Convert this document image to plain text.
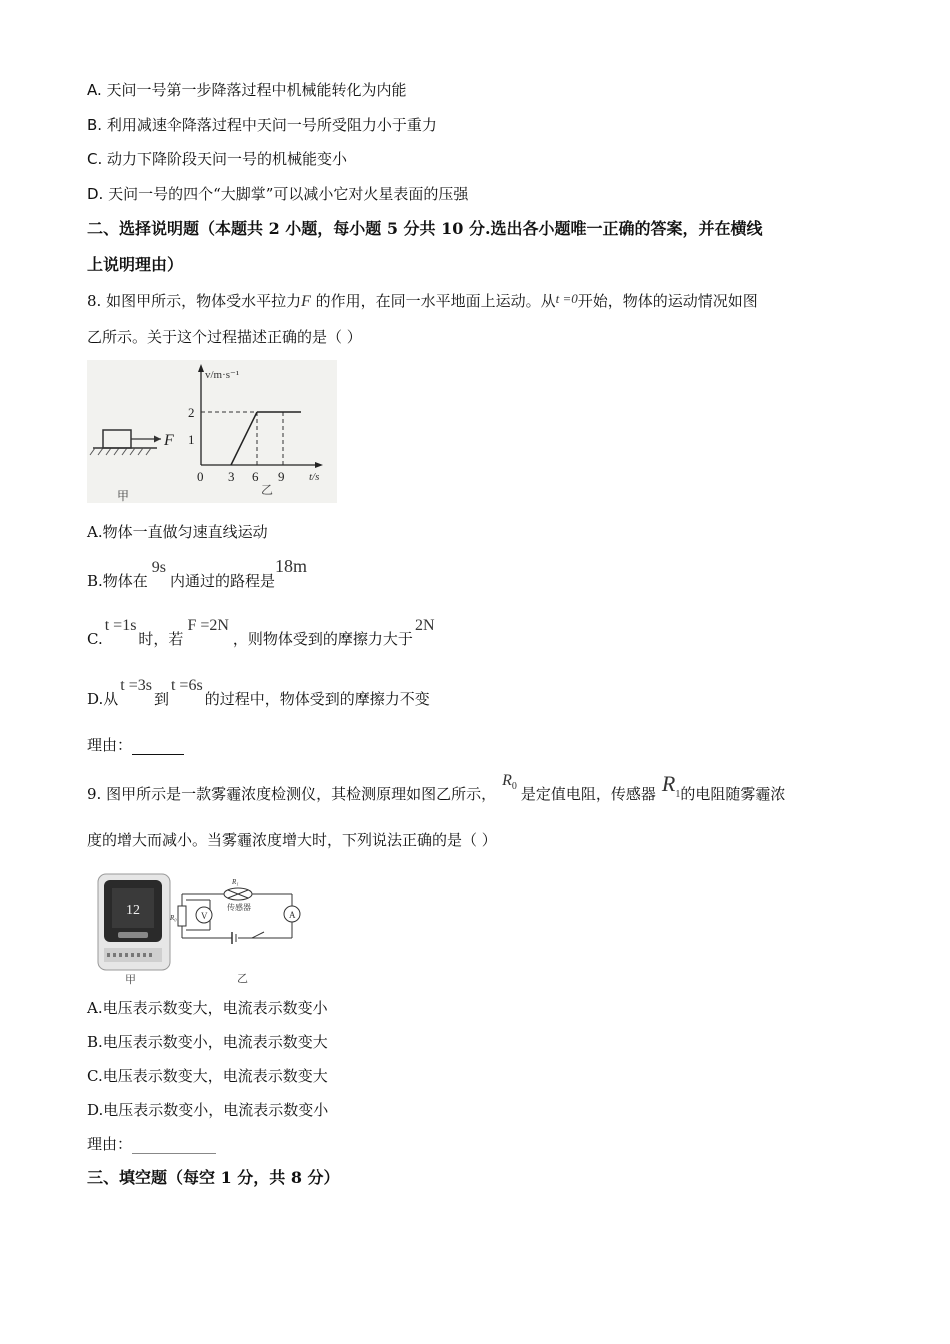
A. 天问一号第一步降落过程中机械能转化为内能
B. 利用减速伞降落过程中天问一号所受阻力小于重力
C. 动力下降阶段天问一号的机械能变小
D. 天问一号的四个“大脚掌”可以减小它对火星表面的压强
二、选择说明题（本题共 2 小题，每小题 5 分共 10 分.选出各小题唯一正确的答案，并在横线
上说明理由）
8. 如图甲所示，物体受水平拉力F 的作用，在同一水平地面上运动。从t =0开始，物体的运动情况如图
乙所示。关于这个过程描述正确的是（ ）
F
甲
v/m·s⁻¹
t/s
2
1
0 3 6 9
乙
A.物体一直做匀速直线运动
B.物体在9s内通过的路程是18m
C.t =1s时，若F =2N，则物体受到的摩擦力大于2N
D.从t =3s到t =6s的过程中，物体受到的摩擦力不变
理由：
9. 图甲所示是一款雾霾浓度检测仪，其检测原理如图乙所示，$R_0$ 是定值电阻，传感器 $R_1$的电阻随雾霾浓
度的增大而减小。当雾霾浓度增大时，下列说法正确的是（ ）
12
甲
V	A
R₀
R₁
传感器
乙
A.电压表示数变大，电流表示数变小
B.电压表示数变小，电流表示数变大
C.电压表示数变大，电流表示数变大
D.电压表示数变小，电流表示数变小
理由：
三、填空题（每空 1 分，共 8 分）
